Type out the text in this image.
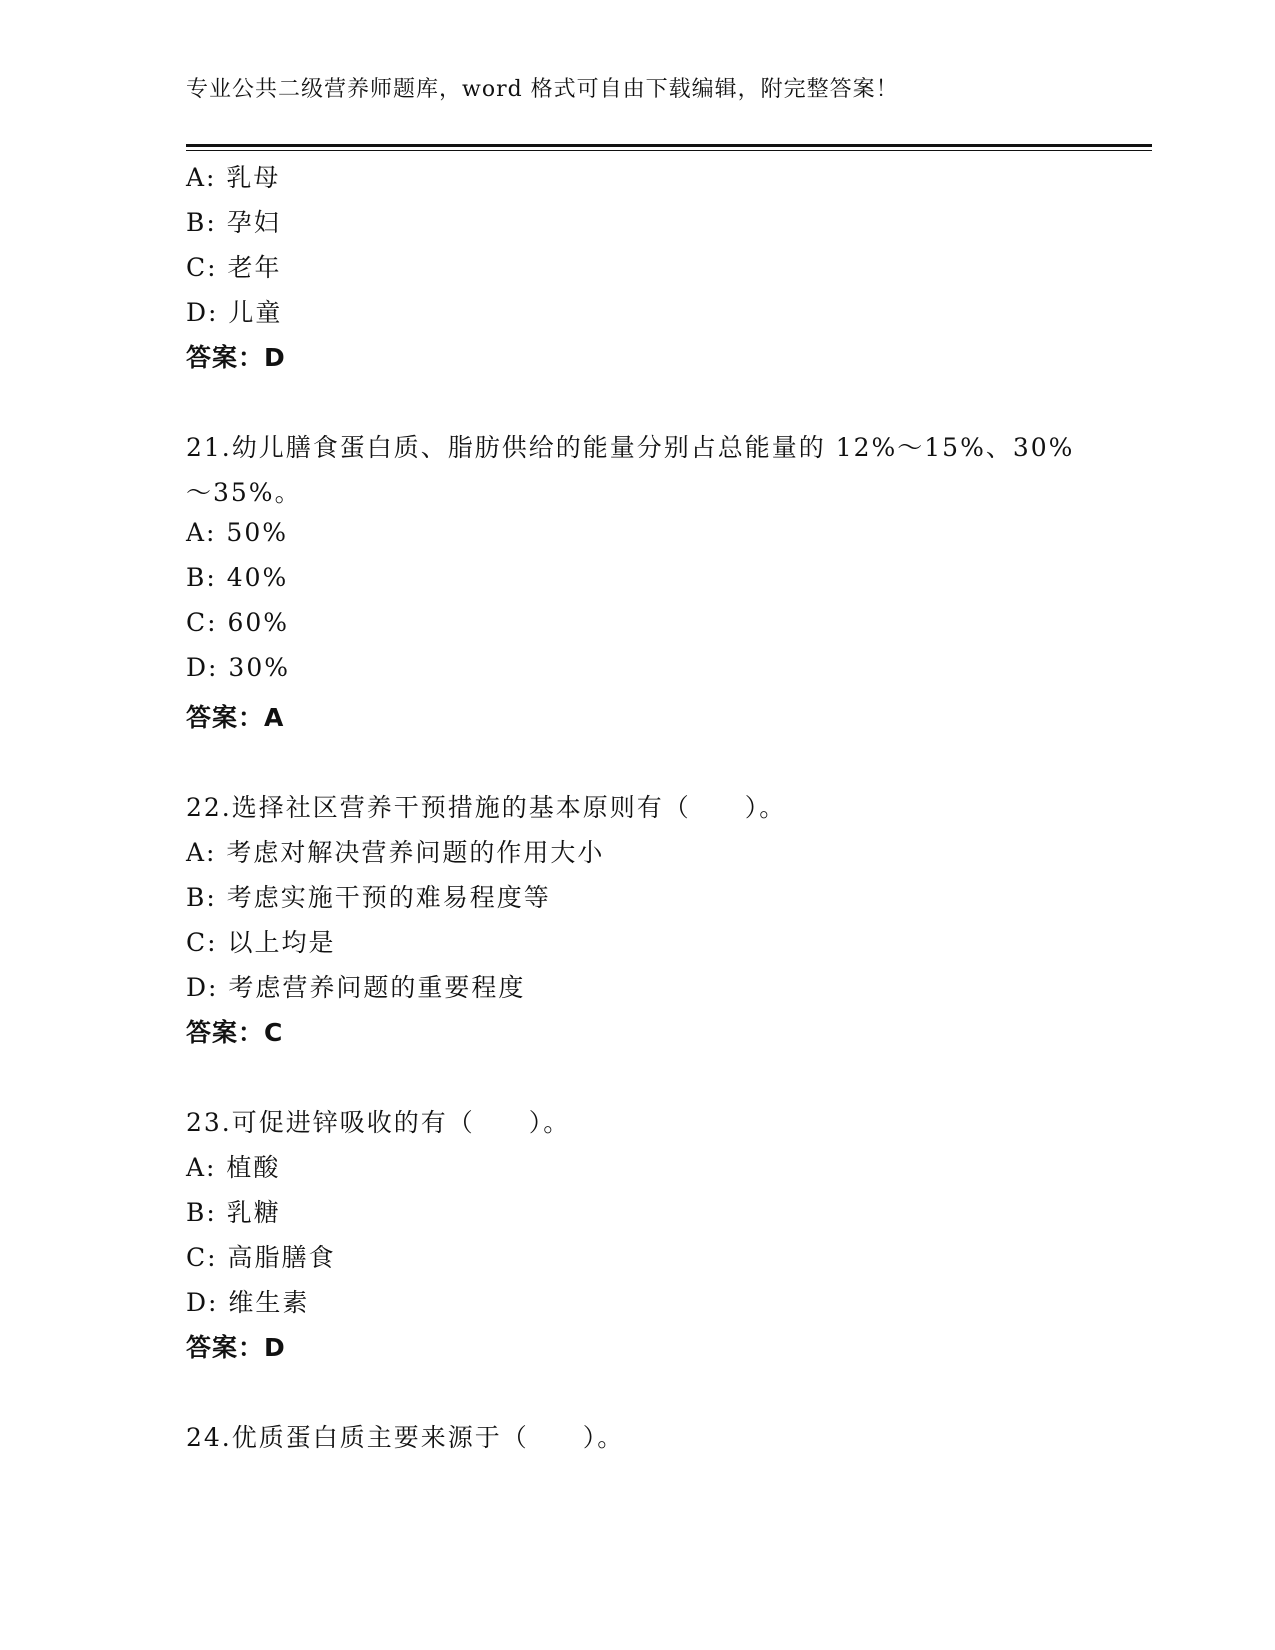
专业公共二级营养师题库，word 格式可自由下载编辑，附完整答案！
A: 乳母
B: 孕妇
C: 老年
D: 儿童
答案：D
21.幼儿膳食蛋白质、脂肪供给的能量分别占总能量的 12%～15%、30%
～35%。
A: 50%
B: 40%
C: 60%
D: 30%
答案：A
22.选择社区营养干预措施的基本原则有（　　）。
A: 考虑对解决营养问题的作用大小
B: 考虑实施干预的难易程度等
C: 以上均是
D: 考虑营养问题的重要程度
答案：C
23.可促进锌吸收的有（　　）。
A: 植酸
B: 乳糖
C: 高脂膳食
D: 维生素
答案：D
24.优质蛋白质主要来源于（　　）。
